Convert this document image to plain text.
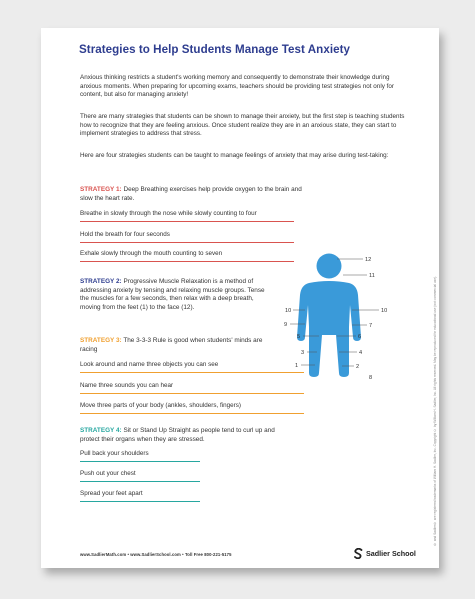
Strategies to Help Students Manage Test Anxiety

Anxious thinking restricts a student's working memory and consequently to demonstrate their knowledge during anxious moments. When preparing for upcoming exams, teachers should be providing test strategies not only for content, but also for managing anxiety!

There are many strategies that students can be shown to manage their anxiety, but the first step is teaching students how to recognize that they are feeling anxious. Once student realize they are in an anxious state, they can start to implement strategies to address that stress.

Here are four strategies students can be taught to manage feelings of anxiety that may arise during test-taking:

STRATEGY 1: Deep Breathing exercises help provide oxygen to the brain and slow the heart rate.

Breathe in slowly through the nose while slowly counting to four
Hold the breath for four seconds
Exhale slowly through the mouth counting to seven

STRATEGY 2: Progressive Muscle Relaxation is a method of addressing anxiety by tensing and relaxing muscle groups. Tense the muscles for a few seconds, then relax with a deep breath, moving from the feet (1) to the face (12).

STRATEGY 3: The 3-3-3 Rule is good when students' minds are racing

Look around and name three objects you can see
Name three sounds you can hear
Move three parts of your body (ankles, shoulders, fingers)

STRATEGY 4: Sit or Stand Up Straight as people tend to curl up and protect their organs when they are stressed.

Pull back your shoulders
Push out your chest
Spread your feet apart
12
11
10	10
9	7
5	6
3	4
1	2
8	® and Sadlier® are registered trademarks of William H. Sadlier, Inc. Copyright © by William H. Sadlier, Inc. All rights reserved. May be reproduced for educational use (not commercial use).
www.SadlierMath.com • www.SadlierSchool.com • Toll Free 800-221-5175	Sadlier School
